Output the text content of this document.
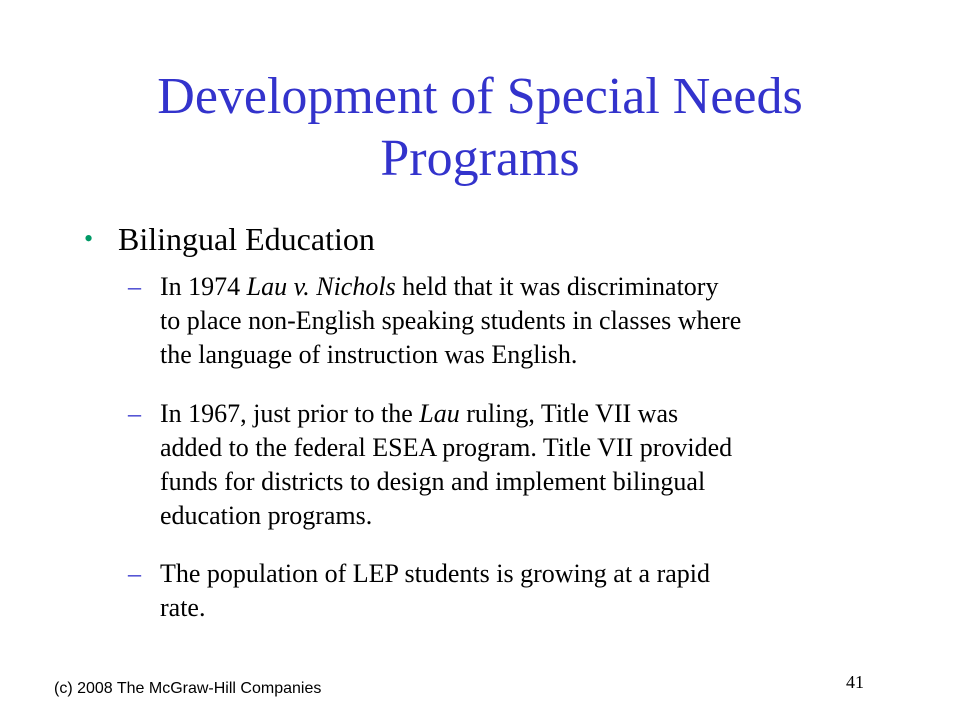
Development of Special Needs
Programs
• Bilingual Education
– In 1974 Lau v. Nichols held that it was discriminatory
to place non-English speaking students in classes where
the language of instruction was English.
– In 1967, just prior to the Lau ruling, Title VII was
added to the federal ESEA program. Title VII provided
funds for districts to design and implement bilingual
education programs.
– The population of LEP students is growing at a rapid
rate.
(c) 2008 The McGraw-Hill Companies	41
